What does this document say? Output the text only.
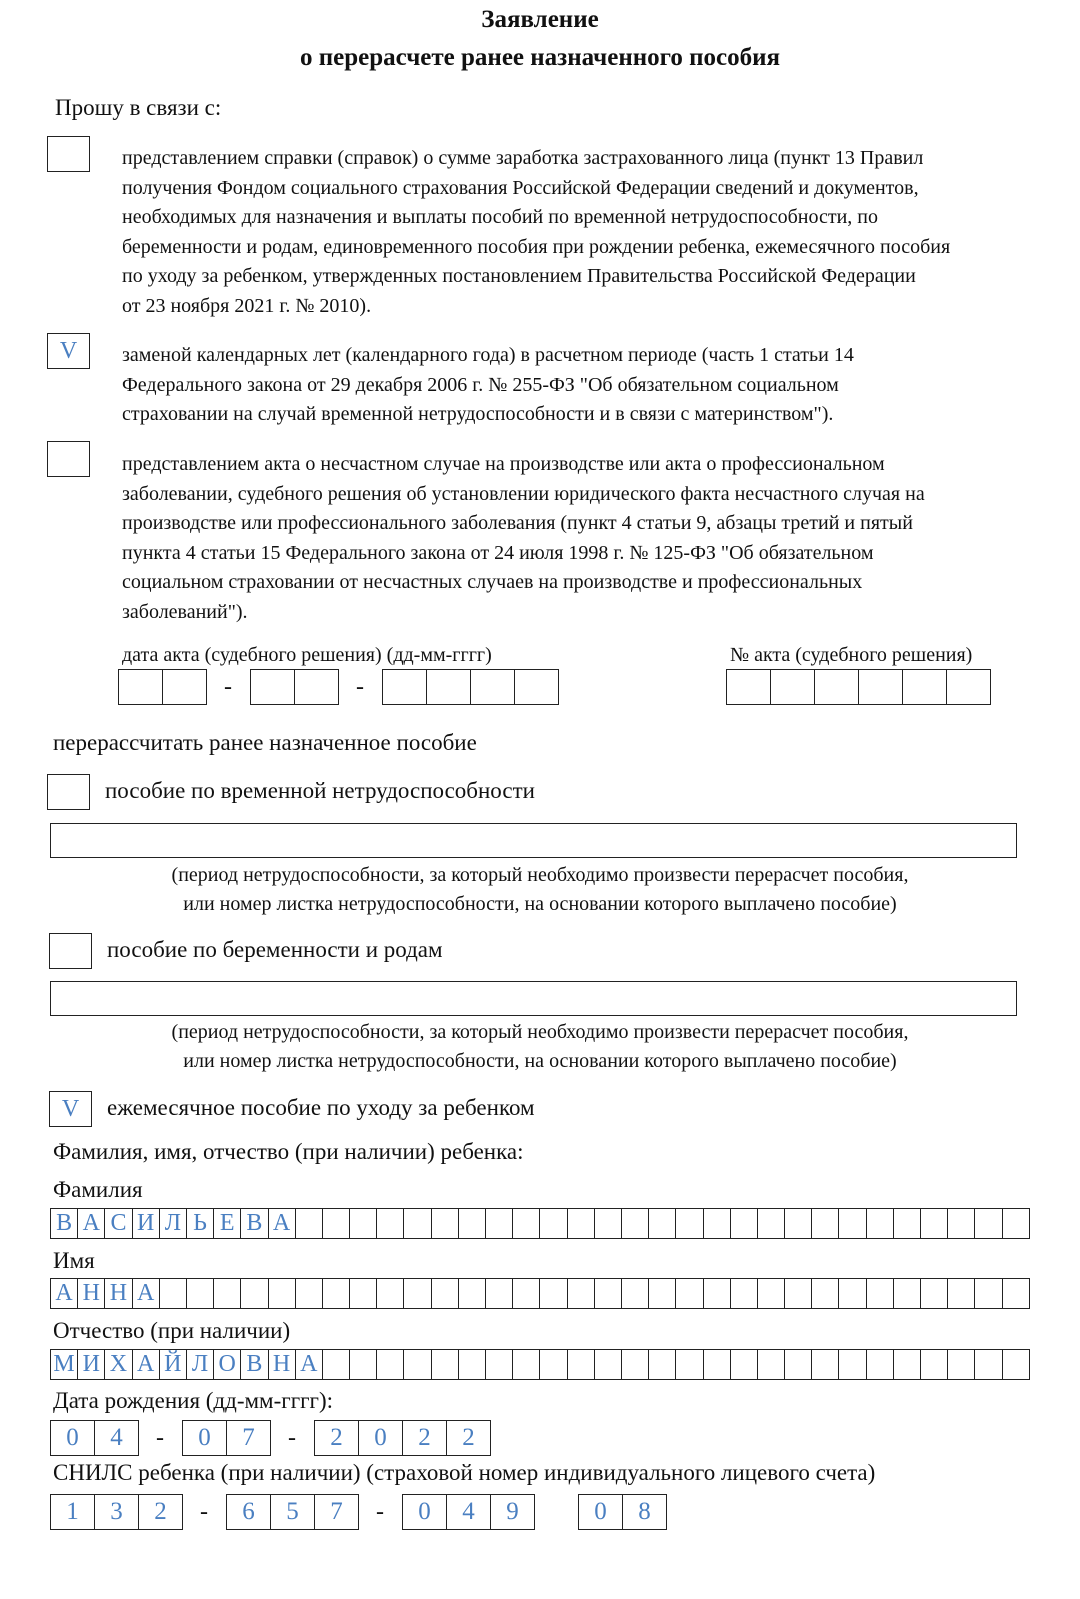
Заявление
о перерасчете ранее назначенного пособия
Прошу в связи с:
представлением справки (справок) о сумме заработка застрахованного лица (пункт 13 Правил
получения Фондом социального страхования Российской Федерации сведений и документов,
необходимых для назначения и выплаты пособий по временной нетрудоспособности, по
беременности и родам, единовременного пособия при рождении ребенка, ежемесячного пособия
по уходу за ребенком, утвержденных постановлением Правительства Российской Федерации
от 23 ноября 2021 г. № 2010).
V	заменой календарных лет (календарного года) в расчетном периоде (часть 1 статьи 14
Федерального закона от 29 декабря 2006 г. № 255-ФЗ "Об обязательном социальном
страховании на случай временной нетрудоспособности и в связи с материнством").
представлением акта о несчастном случае на производстве или акта о профессиональном
заболевании, судебного решения об установлении юридического факта несчастного случая на
производстве или профессионального заболевания (пункт 4 статьи 9, абзацы третий и пятый
пункта 4 статьи 15 Федерального закона от 24 июля 1998 г. № 125-ФЗ "Об обязательном
социальном страховании от несчастных случаев на производстве и профессиональных
заболеваний").
дата акта (судебного решения) (дд-мм-гггг)	№ акта (судебного решения)
-	-
перерассчитать ранее назначенное пособие
пособие по временной нетрудоспособности
(период нетрудоспособности, за который необходимо произвести перерасчет пособия,
или номер листка нетрудоспособности, на основании которого выплачено пособие)
пособие по беременности и родам
(период нетрудоспособности, за который необходимо произвести перерасчет пособия,
или номер листка нетрудоспособности, на основании которого выплачено пособие)
V	ежемесячное пособие по уходу за ребенком
Фамилия, имя, отчество (при наличии) ребенка:
Фамилия
В А С И Л Ь Е В А
Имя
А Н Н А
Отчество (при наличии)
М И Х А Й Л О В Н А
Дата рождения (дд-мм-гггг):
0	4	-	0	7	-	2	0	2	2
СНИЛС ребенка (при наличии) (страховой номер индивидуального лицевого счета)
1	3	2	-	6	5	7	-	0	4	9	0	8
